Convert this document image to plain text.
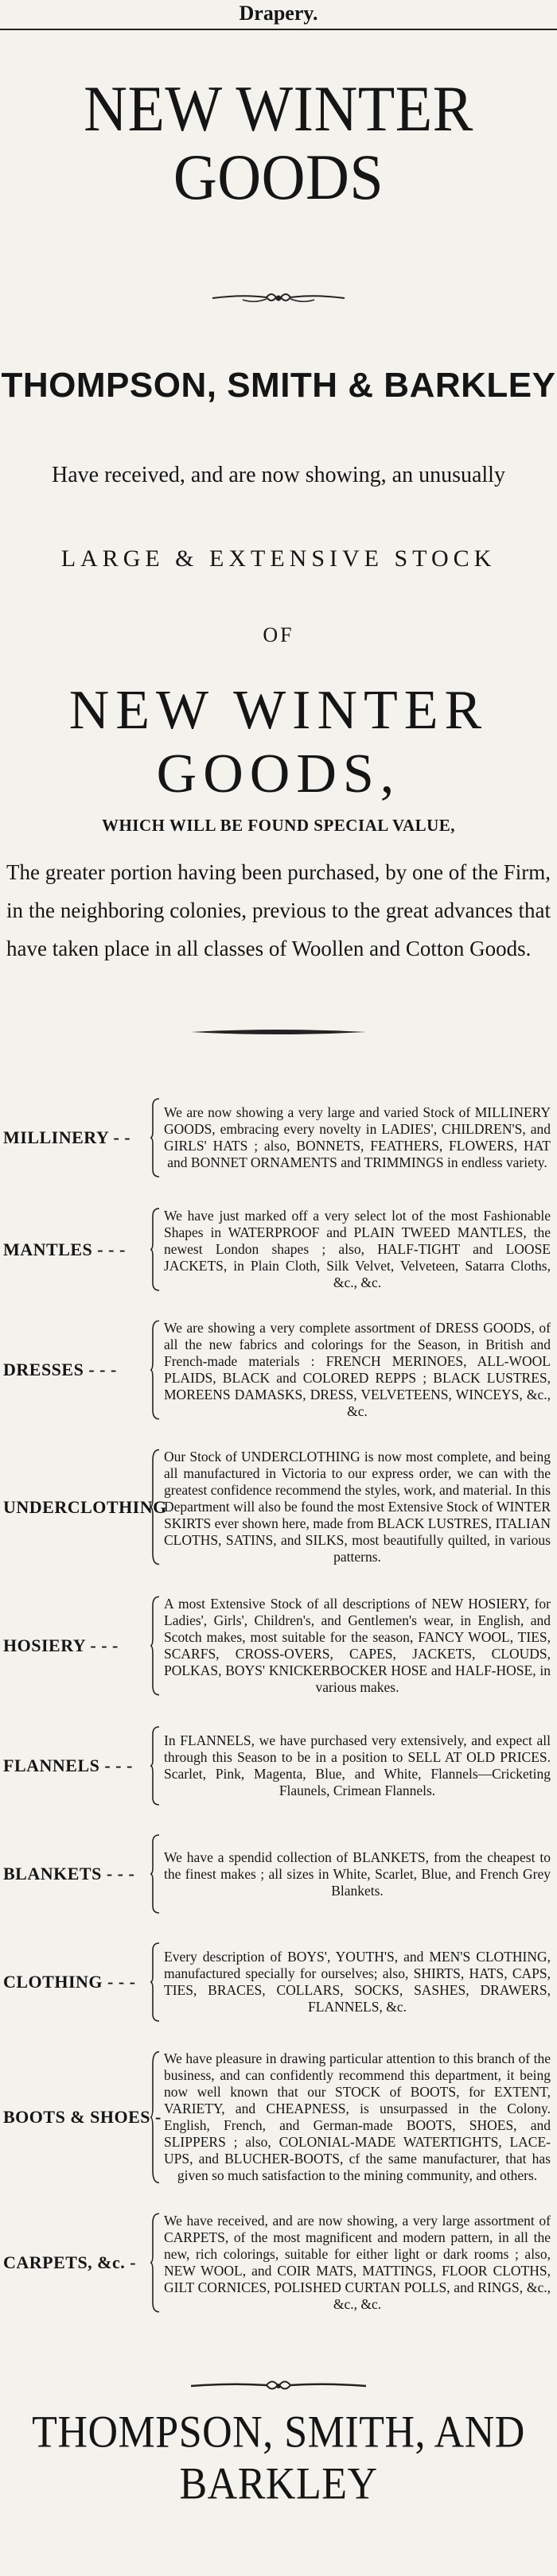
Drapery.
NEW WINTER GOODS
THOMPSON, SMITH & BARKLEY
Have received, and are now showing, an unusually
LARGE & EXTENSIVE STOCK
OF
NEW WINTER GOODS,
WHICH WILL BE FOUND SPECIAL VALUE,
The greater portion having been purchased, by one of the Firm, in the neighboring colonies, previous to the great advances that have taken place in all classes of Woollen and Cotton Goods.
MILLINERY - -
We are now showing a very large and varied Stock of MILLINERY GOODS, embracing every novelty in LADIES', CHILDREN'S, and GIRLS' HATS ; also, BONNETS, FEATHERS, FLOWERS, HAT and BONNET ORNAMENTS and TRIMMINGS in endless variety.
MANTLES - - -
We have just marked off a very select lot of the most Fashionable Shapes in WATERPROOF and PLAIN TWEED MANTLES, the newest London shapes ; also, HALF-TIGHT and LOOSE JACKETS, in Plain Cloth, Silk Velvet, Velveteen, Satarra Cloths, &c., &c.
DRESSES - - -
We are showing a very complete assortment of DRESS GOODS, of all the new fabrics and colorings for the Season, in British and French-made materials : FRENCH MERINOES, ALL-WOOL PLAIDS, BLACK and COLORED REPPS ; BLACK LUSTRES, MOREENS DAMASKS, DRESS, VELVETEENS, WINCEYS, &c., &c.
UNDERCLOTHING
Our Stock of UNDERCLOTHING is now most complete, and being all manufactured in Victoria to our express order, we can with the greatest confidence recommend the styles, work, and material. In this Department will also be found the most Extensive Stock of WINTER SKIRTS ever shown here, made from BLACK LUSTRES, ITALIAN CLOTHS, SATINS, and SILKS, most beautifully quilted, in various patterns.
HOSIERY - - -
A most Extensive Stock of all descriptions of NEW HOSIERY, for Ladies', Girls', Children's, and Gentlemen's wear, in English, and Scotch makes, most suitable for the season, FANCY WOOL, TIES, SCARFS, CROSS-OVERS, CAPES, JACKETS, CLOUDS, POLKAS, BOYS' KNICKERBOCKER HOSE and HALF-HOSE, in various makes.
FLANNELS - - -
In FLANNELS, we have purchased very extensively, and expect all through this Season to be in a position to SELL AT OLD PRICES. Scarlet, Pink, Magenta, Blue, and White, Flannels—Cricketing Flaunels, Crimean Flannels.
BLANKETS - - -
We have a spendid collection of BLANKETS, from the cheapest to the finest makes ; all sizes in White, Scarlet, Blue, and French Grey Blankets.
CLOTHING - - -
Every description of BOYS', YOUTH'S, and MEN'S CLOTHING, manufactured specially for ourselves; also, SHIRTS, HATS, CAPS, TIES, BRACES, COLLARS, SOCKS, SASHES, DRAWERS, FLANNELS, &c.
BOOTS & SHOES -
We have pleasure in drawing particular attention to this branch of the business, and can confidently recommend this department, it being now well known that our STOCK of BOOTS, for EXTENT, VARIETY, and CHEAPNESS, is unsurpassed in the Colony. English, French, and German-made BOOTS, SHOES, and SLIPPERS ; also, COLONIAL-MADE WATERTIGHTS, LACE-UPS, and BLUCHER-BOOTS, cf the same manufacturer, that has given so much satisfaction to the mining community, and others.
CARPETS, &c. -
We have received, and are now showing, a very large assortment of CARPETS, of the most magnificent and modern pattern, in all the new, rich colorings, suitable for either light or dark rooms ; also, NEW WOOL, and COIR MATS, MATTINGS, FLOOR CLOTHS, GILT CORNICES, POLISHED CURTAN POLLS, and RINGS, &c., &c., &c.
THOMPSON, SMITH, AND BARKLEY
